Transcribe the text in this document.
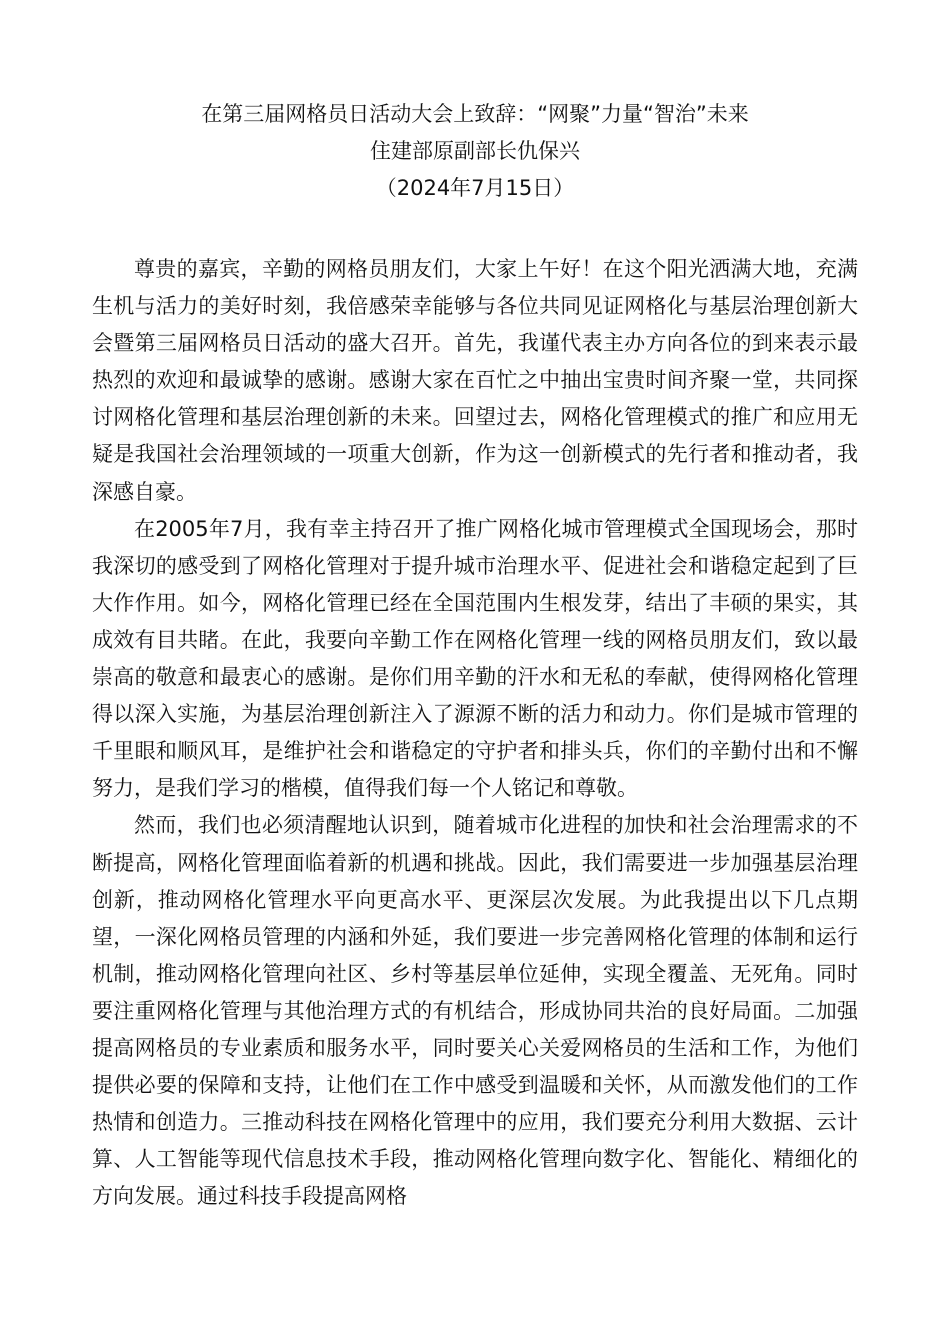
在第三届网格员日活动大会上致辞：“网聚”力量“智治”未来
住建部原副部长仇保兴
（2024年7月15日）

尊贵的嘉宾，辛勤的网格员朋友们，大家上午好！在这个阳光洒满大地，充满生机与活力的美好时刻，我倍感荣幸能够与各位共同见证网格化与基层治理创新大会暨第三届网格员日活动的盛大召开。首先，我谨代表主办方向各位的到来表示最热烈的欢迎和最诚挚的感谢。感谢大家在百忙之中抽出宝贵时间齐聚一堂，共同探讨网格化管理和基层治理创新的未来。回望过去，网格化管理模式的推广和应用无疑是我国社会治理领域的一项重大创新，作为这一创新模式的先行者和推动者，我深感自豪。

在2005年7月，我有幸主持召开了推广网格化城市管理模式全国现场会，那时我深切的感受到了网格化管理对于提升城市治理水平、促进社会和谐稳定起到了巨大作作用。如今，网格化管理已经在全国范围内生根发芽，结出了丰硕的果实，其成效有目共睹。在此，我要向辛勤工作在网格化管理一线的网格员朋友们，致以最崇高的敬意和最衷心的感谢。是你们用辛勤的汗水和无私的奉献，使得网格化管理得以深入实施，为基层治理创新注入了源源不断的活力和动力。你们是城市管理的千里眼和顺风耳，是维护社会和谐稳定的守护者和排头兵，你们的辛勤付出和不懈努力，是我们学习的楷模，值得我们每一个人铭记和尊敬。

然而，我们也必须清醒地认识到，随着城市化进程的加快和社会治理需求的不断提高，网格化管理面临着新的机遇和挑战。因此，我们需要进一步加强基层治理创新，推动网格化管理水平向更高水平、更深层次发展。为此我提出以下几点期望，一深化网格员管理的内涵和外延，我们要进一步完善网格化管理的体制和运行机制，推动网格化管理向社区、乡村等基层单位延伸，实现全覆盖、无死角。同时要注重网格化管理与其他治理方式的有机结合，形成协同共治的良好局面。二加强提高网格员的专业素质和服务水平，同时要关心关爱网格员的生活和工作，为他们提供必要的保障和支持，让他们在工作中感受到温暖和关怀，从而激发他们的工作热情和创造力。三推动科技在网格化管理中的应用，我们要充分利用大数据、云计算、人工智能等现代信息技术手段，推动网格化管理向数字化、智能化、精细化的方向发展。通过科技手段提高网格
